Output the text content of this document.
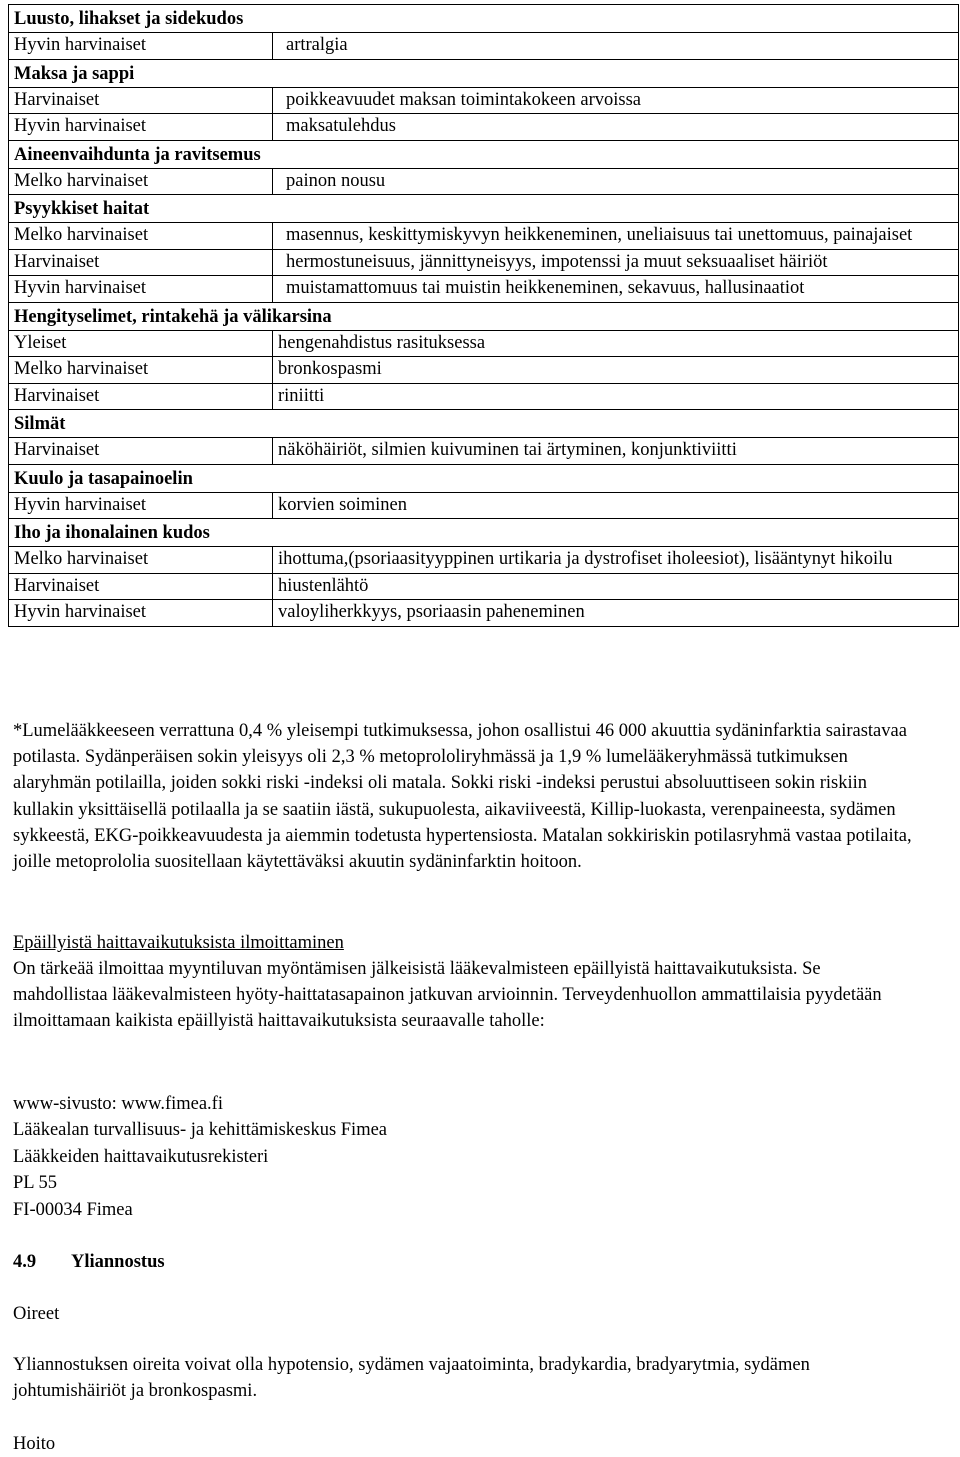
Luusto, lihakset ja sidekudos	
Hyvin harvinaiset	artralgia
Maksa ja sappi	
Harvinaiset	poikkeavuudet maksan toimintakokeen arvoissa
Hyvin harvinaiset	maksatulehdus
Aineenvaihdunta ja ravitsemus	
Melko harvinaiset	painon nousu
Psyykkiset haitat	
Melko harvinaiset	masennus, keskittymiskyvyn heikkeneminen, uneliaisuus tai unettomuus, painajaiset
Harvinaiset	hermostuneisuus, jännittyneisyys, impotenssi ja muut seksuaaliset häiriöt
Hyvin harvinaiset	muistamattomuus tai muistin heikkeneminen, sekavuus, hallusinaatiot
Hengityselimet, rintakehä ja välikarsina	
Yleiset	hengenahdistus rasituksessa
Melko harvinaiset	bronkospasmi
Harvinaiset	riniitti
Silmät	
Harvinaiset	näköhäiriöt, silmien kuivuminen tai ärtyminen, konjunktiviitti
Kuulo ja tasapainoelin	
Hyvin harvinaiset	korvien soiminen
Iho ja ihonalainen kudos	
Melko harvinaiset	ihottuma,(psoriaasityyppinen urtikaria ja dystrofiset iholeesiot), lisääntynyt hikoilu
Harvinaiset	hiustenlähtö
Hyvin harvinaiset	valoyliherkkyys, psoriaasin paheneminen
*Lumelääkkeeseen verrattuna 0,4 % yleisempi tutkimuksessa, johon osallistui 46 000 akuuttia sydäninfarktia sairastavaa potilasta. Sydänperäisen sokin yleisyys oli 2,3 % metoprololiryhmässä ja 1,9 % lumelääkeryhmässä tutkimuksen alaryhmän potilailla, joiden sokki riski -indeksi oli matala. Sokki riski -indeksi perustui absoluuttiseen sokin riskiin kullakin yksittäisellä potilaalla ja se saatiin iästä, sukupuolesta, aikaviiveestä, Killip-luokasta, verenpaineesta, sydämen sykkeestä, EKG-poikkeavuudesta ja aiemmin todetusta hypertensiosta. Matalan sokkiriskin potilasryhmä vastaa potilaita, joille metoprololia suositellaan käytettäväksi akuutin sydäninfarktin hoitoon.
Epäillyistä haittavaikutuksista ilmoittaminen
On tärkeää ilmoittaa myyntiluvan myöntämisen jälkeisistä lääkevalmisteen epäillyistä haittavaikutuksista. Se mahdollistaa lääkevalmisteen hyöty-haittatasapainon jatkuvan arvioinnin. Terveydenhuollon ammattilaisia pyydetään ilmoittamaan kaikista epäillyistä haittavaikutuksista seuraavalle taholle:
www-sivusto: www.fimea.fi
Lääkealan turvallisuus- ja kehittämiskeskus Fimea
Lääkkeiden haittavaikutusrekisteri
PL 55
FI-00034 Fimea
4.9 Yliannostus
Oireet
Yliannostuksen oireita voivat olla hypotensio, sydämen vajaatoiminta, bradykardia, bradyarytmia, sydämen johtumishäiriöt ja bronkospasmi.
Hoito
